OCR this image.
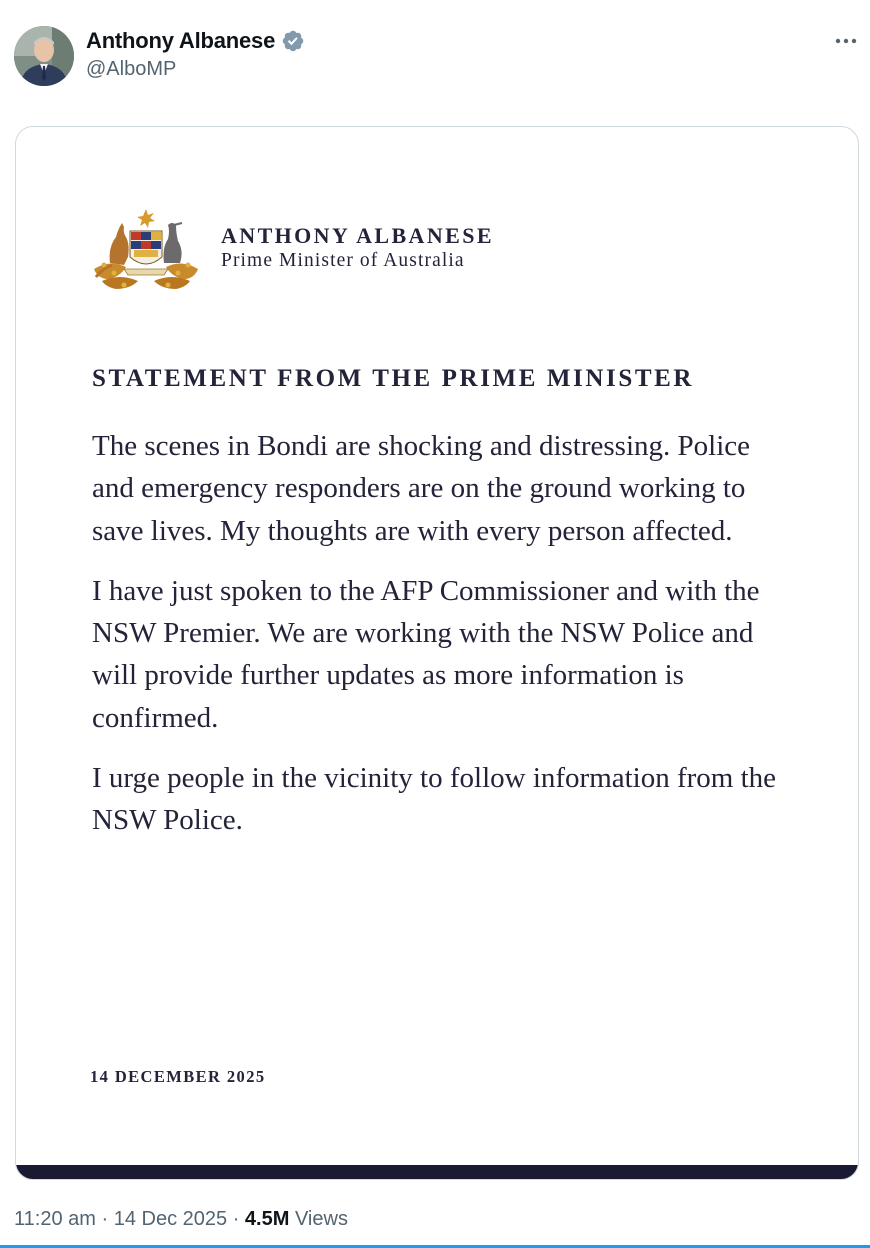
Anthony Albanese
@AlboMP
ANTHONY ALBANESE
Prime Minister of Australia
STATEMENT FROM THE PRIME MINISTER

The scenes in Bondi are shocking and distressing. Police and emergency responders are on the ground working to save lives. My thoughts are with every person affected.

I have just spoken to the AFP Commissioner and with the NSW Premier. We are working with the NSW Police and will provide further updates as more information is confirmed.

I urge people in the vicinity to follow information from the NSW Police.

14 DECEMBER 2025
11:20 am · 14 Dec 2025 · 4.5M Views
